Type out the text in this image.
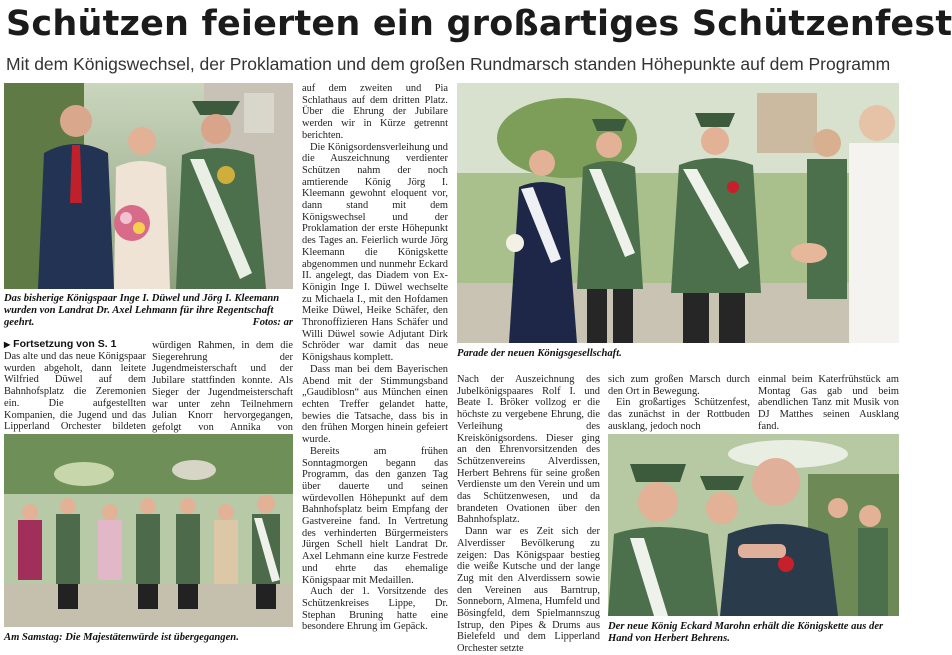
Schützen feierten ein großartiges Schützenfest
Mit dem Königswechsel, der Proklamation und dem großen Rundmarsch standen Höhepunkte auf dem Programm
Das bisherige Königspaar Inge I. Düwel und Jörg I. Kleemann wurden von Landrat Dr. Axel Lehmann für ihre Regentschaft geehrt.	Fotos: ar
▶ Fortsetzung von S. 1

Das alte und das neue Königspaar wurden abgeholt, dann leitete Wilfried Düwel auf dem Bahnhofsplatz die Zeremonien ein. Die aufgestellten Kompanien, die Jugend und das Lipperland Orchester bildeten

würdigen Rahmen, in dem die Siegerehrung der Jugendmeisterschaft und der Jubilare stattfinden konnte. Als Sieger der Jugendmeisterschaft war unter zehn Teilnehmern Julian Knorr hervorgegangen, gefolgt von Annika von

Am Samstag: Die Majestätenwürde ist übergegangen.

auf dem zweiten und Pia Schlathaus auf dem dritten Platz. Über die Ehrung der Jubilare werden wir in Kürze getrennt berichten.

Die Königsordensverleihung und die Auszeichnung verdienter Schützen nahm der noch amtierende König Jörg I. Kleemann gewohnt eloquent vor, dann stand mit dem Königswechsel und der Proklamation der erste Höhepunkt des Tages an. Feierlich wurde Jörg Kleemann die Königskette abgenommen und nunmehr Eckard II. angelegt, das Diadem von Ex-Königin Inge I. Düwel wechselte zu Michaela I., mit den Hofdamen Meike Düwel, Heike Schäfer, den Thronoffizieren Hans Schäfer und Willi Düwel sowie Adjutant Dirk Schröder war damit das neue Königshaus komplett.

Dass man bei dem Bayerischen Abend mit der Stimmungsband „Gaudiblosn“ aus München einen echten Treffer gelandet hatte, bewies die Tatsache, dass bis in den frühen Morgen hinein gefeiert wurde.

Bereits am frühen Sonntagmorgen begann das Programm, das den ganzen Tag über dauerte und seinen würdevollen Höhepunkt auf dem Bahnhofsplatz beim Empfang der Gastvereine fand. In Vertretung des verhinderten Bürgermeisters Jürgen Schell hielt Landrat Dr. Axel Lehmann eine kurze Festrede und ehrte das ehemalige Königspaar mit Medaillen.

Auch der 1. Vorsitzende des Schützenkreises Lippe, Dr. Stephan Bruning hatte eine besondere Ehrung im Gepäck.

Parade der neuen Königsgesellschaft.

Nach der Auszeichnung des Jubelkönigspaares Rolf I. und Beate I. Bröker vollzog er die höchste zu vergebene Ehrung, die Verleihung des Kreiskönigsordens. Dieser ging an den Ehrenvorsitzenden des Schützenvereins Alverdissen, Herbert Behrens für seine großen Verdienste um den Verein und um das Schützenwesen, und da brandeten Ovationen über den Bahnhofsplatz.

Dann war es Zeit sich der Alverdisser Bevölkerung zu zeigen: Das Königspaar bestieg die weiße Kutsche und der lange Zug mit den Alverdissern sowie den Vereinen aus Barntrup, Sonneborn, Almena, Humfeld und Bösingfeld, dem Spielmannszug Istrup, den Pipes & Drums aus Bielefeld und dem Lipperland Orchester setzte

sich zum großen Marsch durch den Ort in Bewegung.

Ein großartiges Schützenfest, das zunächst in der Rottbuden ausklang, jedoch noch

einmal beim Katerfrühstück am Montag Gas gab und beim abendlichen Tanz mit Musik von DJ Matthes seinen Ausklang fand.

Der neue König Eckard Marohn erhält die Königskette aus der Hand von Herbert Behrens.
